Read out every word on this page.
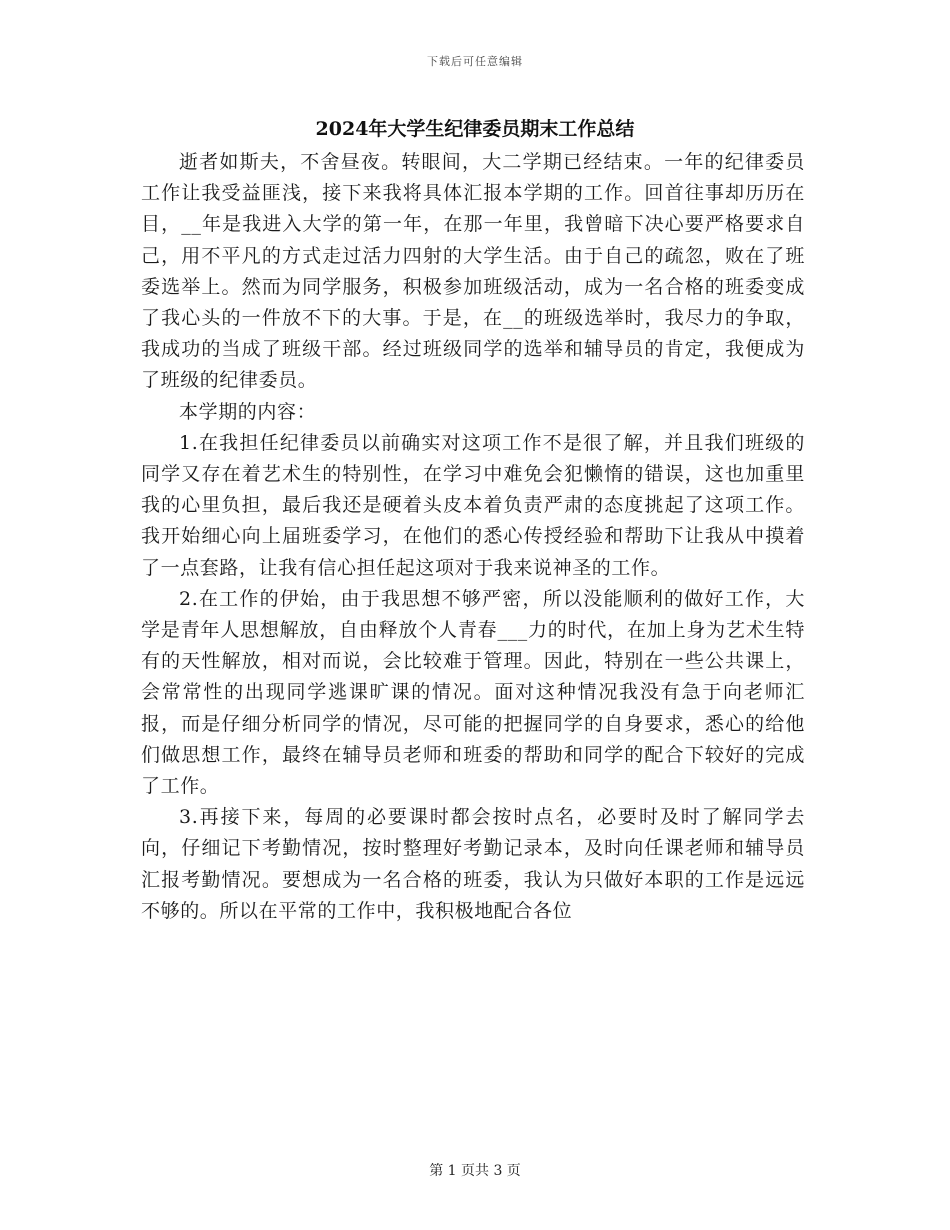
下载后可任意编辑
2024年大学生纪律委员期末工作总结

逝者如斯夫，不舍昼夜。转眼间，大二学期已经结束。一年的纪律委员工作让我受益匪浅，接下来我将具体汇报本学期的工作。回首往事却历历在目，__年是我进入大学的第一年，在那一年里，我曾暗下决心要严格要求自己，用不平凡的方式走过活力四射的大学生活。由于自己的疏忽，败在了班委选举上。然而为同学服务，积极参加班级活动，成为一名合格的班委变成了我心头的一件放不下的大事。于是，在__的班级选举时，我尽力的争取，我成功的当成了班级干部。经过班级同学的选举和辅导员的肯定，我便成为了班级的纪律委员。

本学期的内容：

1.在我担任纪律委员以前确实对这项工作不是很了解，并且我们班级的同学又存在着艺术生的特别性，在学习中难免会犯懒惰的错误，这也加重里我的心里负担，最后我还是硬着头皮本着负责严肃的态度挑起了这项工作。我开始细心向上届班委学习，在他们的悉心传授经验和帮助下让我从中摸着了一点套路，让我有信心担任起这项对于我来说神圣的工作。

2.在工作的伊始，由于我思想不够严密，所以没能顺利的做好工作，大学是青年人思想解放，自由释放个人青春___力的时代，在加上身为艺术生特有的天性解放，相对而说，会比较难于管理。因此，特别在一些公共课上，会常常性的出现同学逃课旷课的情况。面对这种情况我没有急于向老师汇报，而是仔细分析同学的情况，尽可能的把握同学的自身要求，悉心的给他们做思想工作，最终在辅导员老师和班委的帮助和同学的配合下较好的完成了工作。

3.再接下来，每周的必要课时都会按时点名，必要时及时了解同学去向，仔细记下考勤情况，按时整理好考勤记录本，及时向任课老师和辅导员汇报考勤情况。要想成为一名合格的班委，我认为只做好本职的工作是远远不够的。所以在平常的工作中，我积极地配合各位

第 1 页共 3 页
